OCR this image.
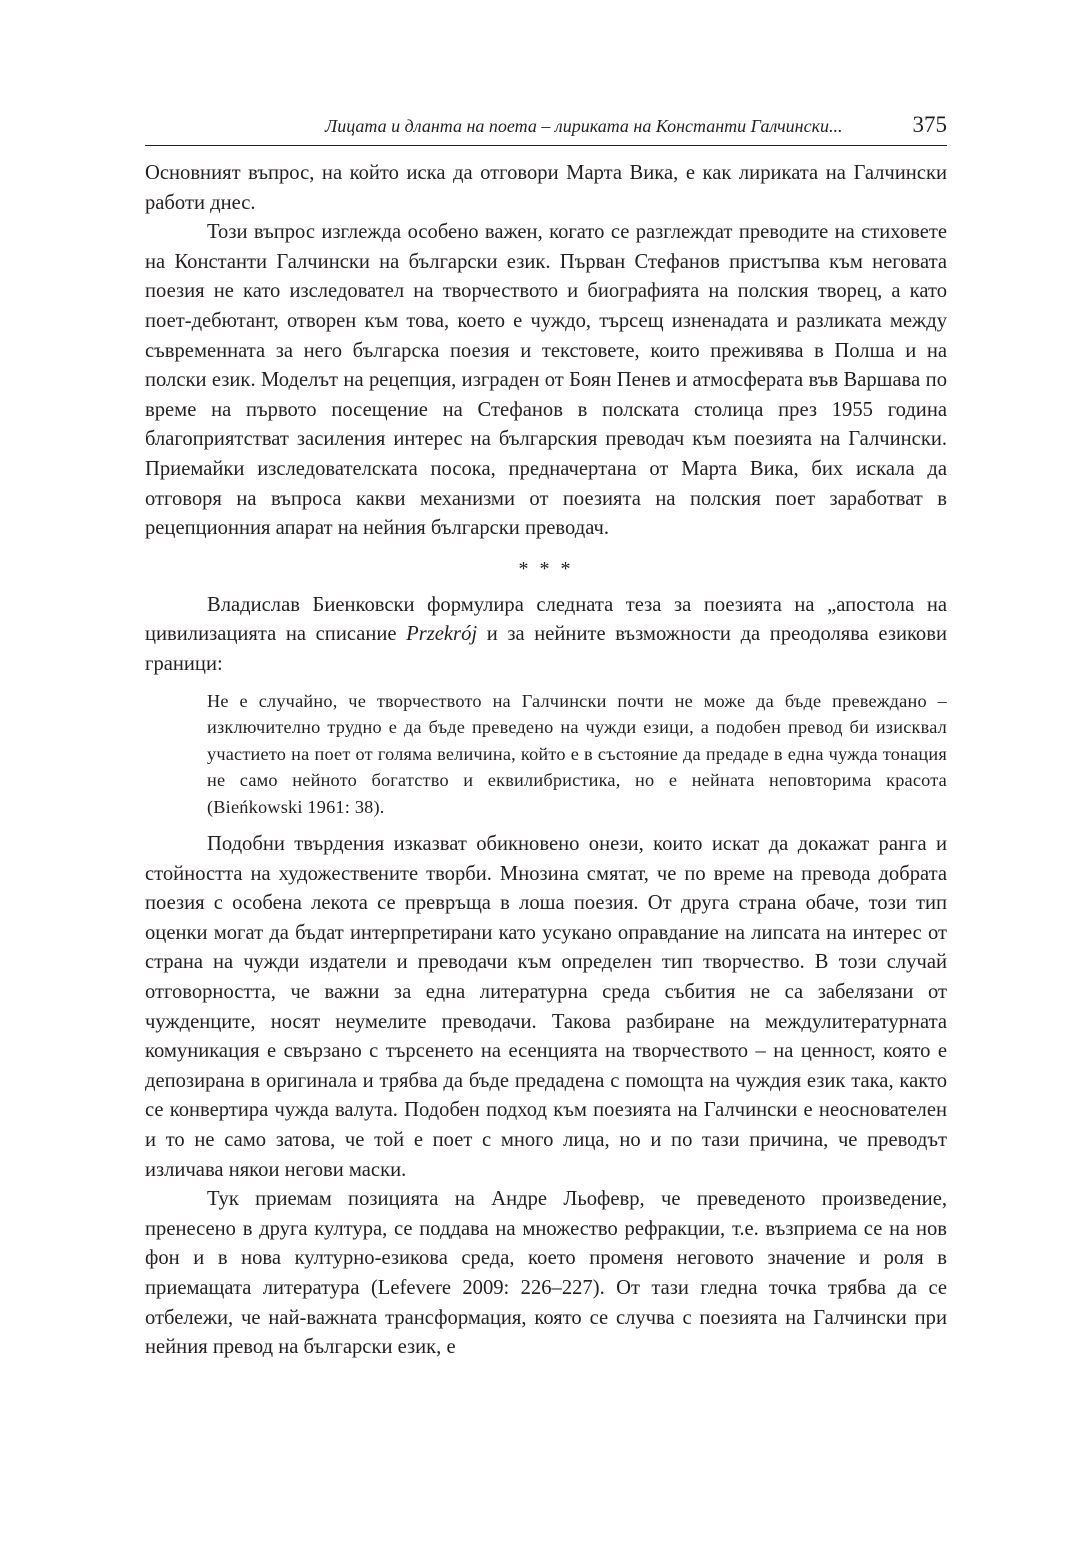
Лицата и дланта на поета – лириката на Константи Галчински...	375

Основният въпрос, на който иска да отговори Марта Вика, е как лириката на Галчински работи днес.

Този въпрос изглежда особено важен, когато се разглеждат преводите на стиховете на Константи Галчински на български език. Първан Стефанов пристъпва към неговата поезия не като изследовател на творчеството и биографията на полския творец, а като поет-дебютант, отворен към това, което е чуждо, търсещ изненадата и разликата между съвременната за него българска поезия и текстовете, които преживява в Полша и на полски език. Моделът на рецепция, изграден от Боян Пенев и атмосферата във Варшава по време на първото посещение на Стефанов в полската столица през 1955 година благоприятстват засиления интерес на българския преводач към поезията на Галчински. Приемайки изследователската посока, предначертана от Марта Вика, бих искала да отговоря на въпроса какви механизми от поезията на полския поет заработват в рецепционния апарат на нейния български преводач.

* * *

Владислав Биенковски формулира следната теза за поезията на „апостола на цивилизацията на списание Przekrój и за нейните възможности да преодолява езикови граници:

Не е случайно, че творчеството на Галчински почти не може да бъде превеждано – изключително трудно е да бъде преведено на чужди езици, а подобен превод би изисквал участието на поет от голяма величина, който е в състояние да предаде в една чужда тонация не само нейното богатство и еквилибристика, но е нейната неповторима красота (Bieńkowski 1961: 38).

Подобни твърдения изказват обикновено онези, които искат да докажат ранга и стойността на художествените творби. Мнозина смятат, че по време на превода добрата поезия с особена лекота се превръща в лоша поезия. От друга страна обаче, този тип оценки могат да бъдат интерпретирани като усукано оправдание на липсата на интерес от страна на чужди издатели и преводачи към определен тип творчество. В този случай отговорността, че важни за една литературна среда събития не са забелязани от чужденците, носят неумелите преводачи. Такова разбиране на междулитературната комуникация е свързано с търсенето на есенцията на творчеството – на ценност, която е депозирана в оригинала и трябва да бъде предадена с помощта на чуждия език така, както се конвертира чужда валута. Подобен подход към поезията на Галчински е неоснователен и то не само затова, че той е поет с много лица, но и по тази причина, че преводът изличава някои негови маски.

Тук приемам позицията на Андре Льофевр, че преведеното произведение, пренесено в друга култура, се поддава на множество рефракции, т.е. възприема се на нов фон и в нова културно-езикова среда, което променя неговото значение и роля в приемащата литература (Lefevere 2009: 226–227). От тази гледна точка трябва да се отбележи, че най-важната трансформация, която се случва с поезията на Галчински при нейния превод на български език, е
